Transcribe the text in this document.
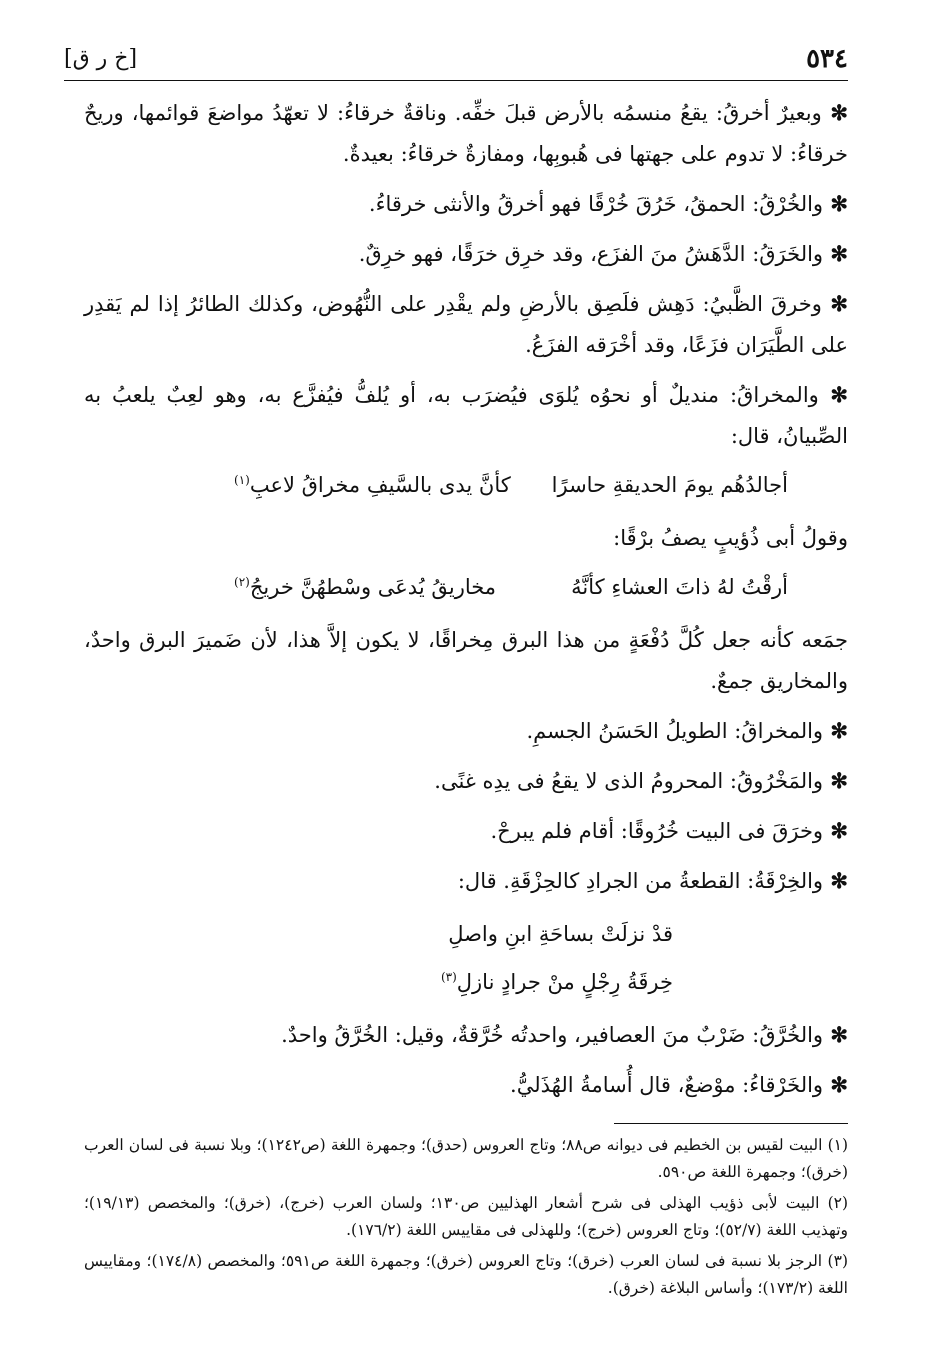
٥٣٤
[خ ر ق]

✻ وبعيرٌ أخرقُ: يقعُ منسمُه بالأرض قبلَ خفِّه. وناقةٌ خرقاءُ: لا تعهّدُ مواضعَ قوائمها، وريحٌ خرقاءُ: لا تدوم على جهتها فى هُبوبِها، ومفازةٌ خرقاءُ: بعيدةٌ.

✻ والخُرْقُ: الحمقُ، خَرُقَ خُرْقًا فهو أخرقُ والأنثى خرقاءُ.

✻ والخَرَقُ: الدَّهَشُ منَ الفزَع، وقد خرِق خرَقًا، فهو خرِقٌ.

✻ وخرقَ الظَّبيُ: دَهِش فلَصِق بالأرضِ ولم يقْدِر على النُّهُوض، وكذلك الطائرُ إذا لم يَقدِر على الطَّيَرَان فزَعًا، وقد أخْرَقه الفزَعُ.

✻ والمخراقُ: منديلٌ أو نحوُه يُلوَى فيُضرَب به، أو يُلفُّ فيُفزَّع به، وهو لعِبٌ يلعبُ به الصِّبيانُ، قال:

أجالدُهُم يومَ الحديقةِ حاسرًا
كأنَّ يدى بالسَّيفِ مخراقُ لاعبِ$^{(١)}$

وقولُ أبى ذُؤيبٍ يصفُ برْقًا:

أرقْتُ لهُ ذاتَ العشاءِ كأنَّهُ
مخاريقُ يُدعَى وسْطهُنَّ خريجُ$^{(٢)}$

جمَعه كأنه جعل كُلَّ دُفْعَةٍ من هذا البرق مِخراقًا، لا يكون إلاَّ هذا، لأن ضَميرَ البرق واحدٌ، والمخاريق جمعٌ.

✻ والمخراقُ: الطويلُ الحَسَنُ الجسمِ.

✻ والمَخْرُوقُ: المحرومُ الذى لا يقعُ فى يدِه غنًى.

✻ وخرَقَ فى البيت خُرُوقًا: أقام فلم يبرحْ.

✻ والخِرْقَةُ: القطعةُ من الجرادِ كالحِزْقَةِ. قال:

قدْ نزلَتْ بساحَةِ ابنِ واصلِ
خِرقَةُ رِجْلٍ منْ جرادٍ نازلِ$^{(٣)}$

✻ والخُرَّقُ: ضَرْبٌ منَ العصافير، واحدتُه خُرَّقةٌ، وقيل: الخُرَّقُ واحدٌ.

✻ والخَرْقاءُ: موْضعٌ، قال أُسامةُ الهُذَليُّ.

(١) البيت لقيس بن الخطيم فى ديوانه ص٨٨؛ وتاج العروس (حدق)؛ وجمهرة اللغة (ص١٢٤٢)؛ وبلا نسبة فى لسان العرب (خرق)؛ وجمهرة اللغة ص٥٩٠.

(٢) البيت لأبى ذؤيب الهذلى فى شرح أشعار الهذليين ص١٣٠؛ ولسان العرب (خرج)، (خرق)؛ والمخصص (١٩/١٣)؛ وتهذيب اللغة (٥٢/٧)؛ وتاج العروس (خرج)؛ وللهذلى فى مقاييس اللغة (١٧٦/٢).

(٣) الرجز بلا نسبة فى لسان العرب (خرق)؛ وتاج العروس (خرق)؛ وجمهرة اللغة ص٥٩١؛ والمخصص (١٧٤/٨)؛ ومقاييس اللغة (١٧٣/٢)؛ وأساس البلاغة (خرق).
